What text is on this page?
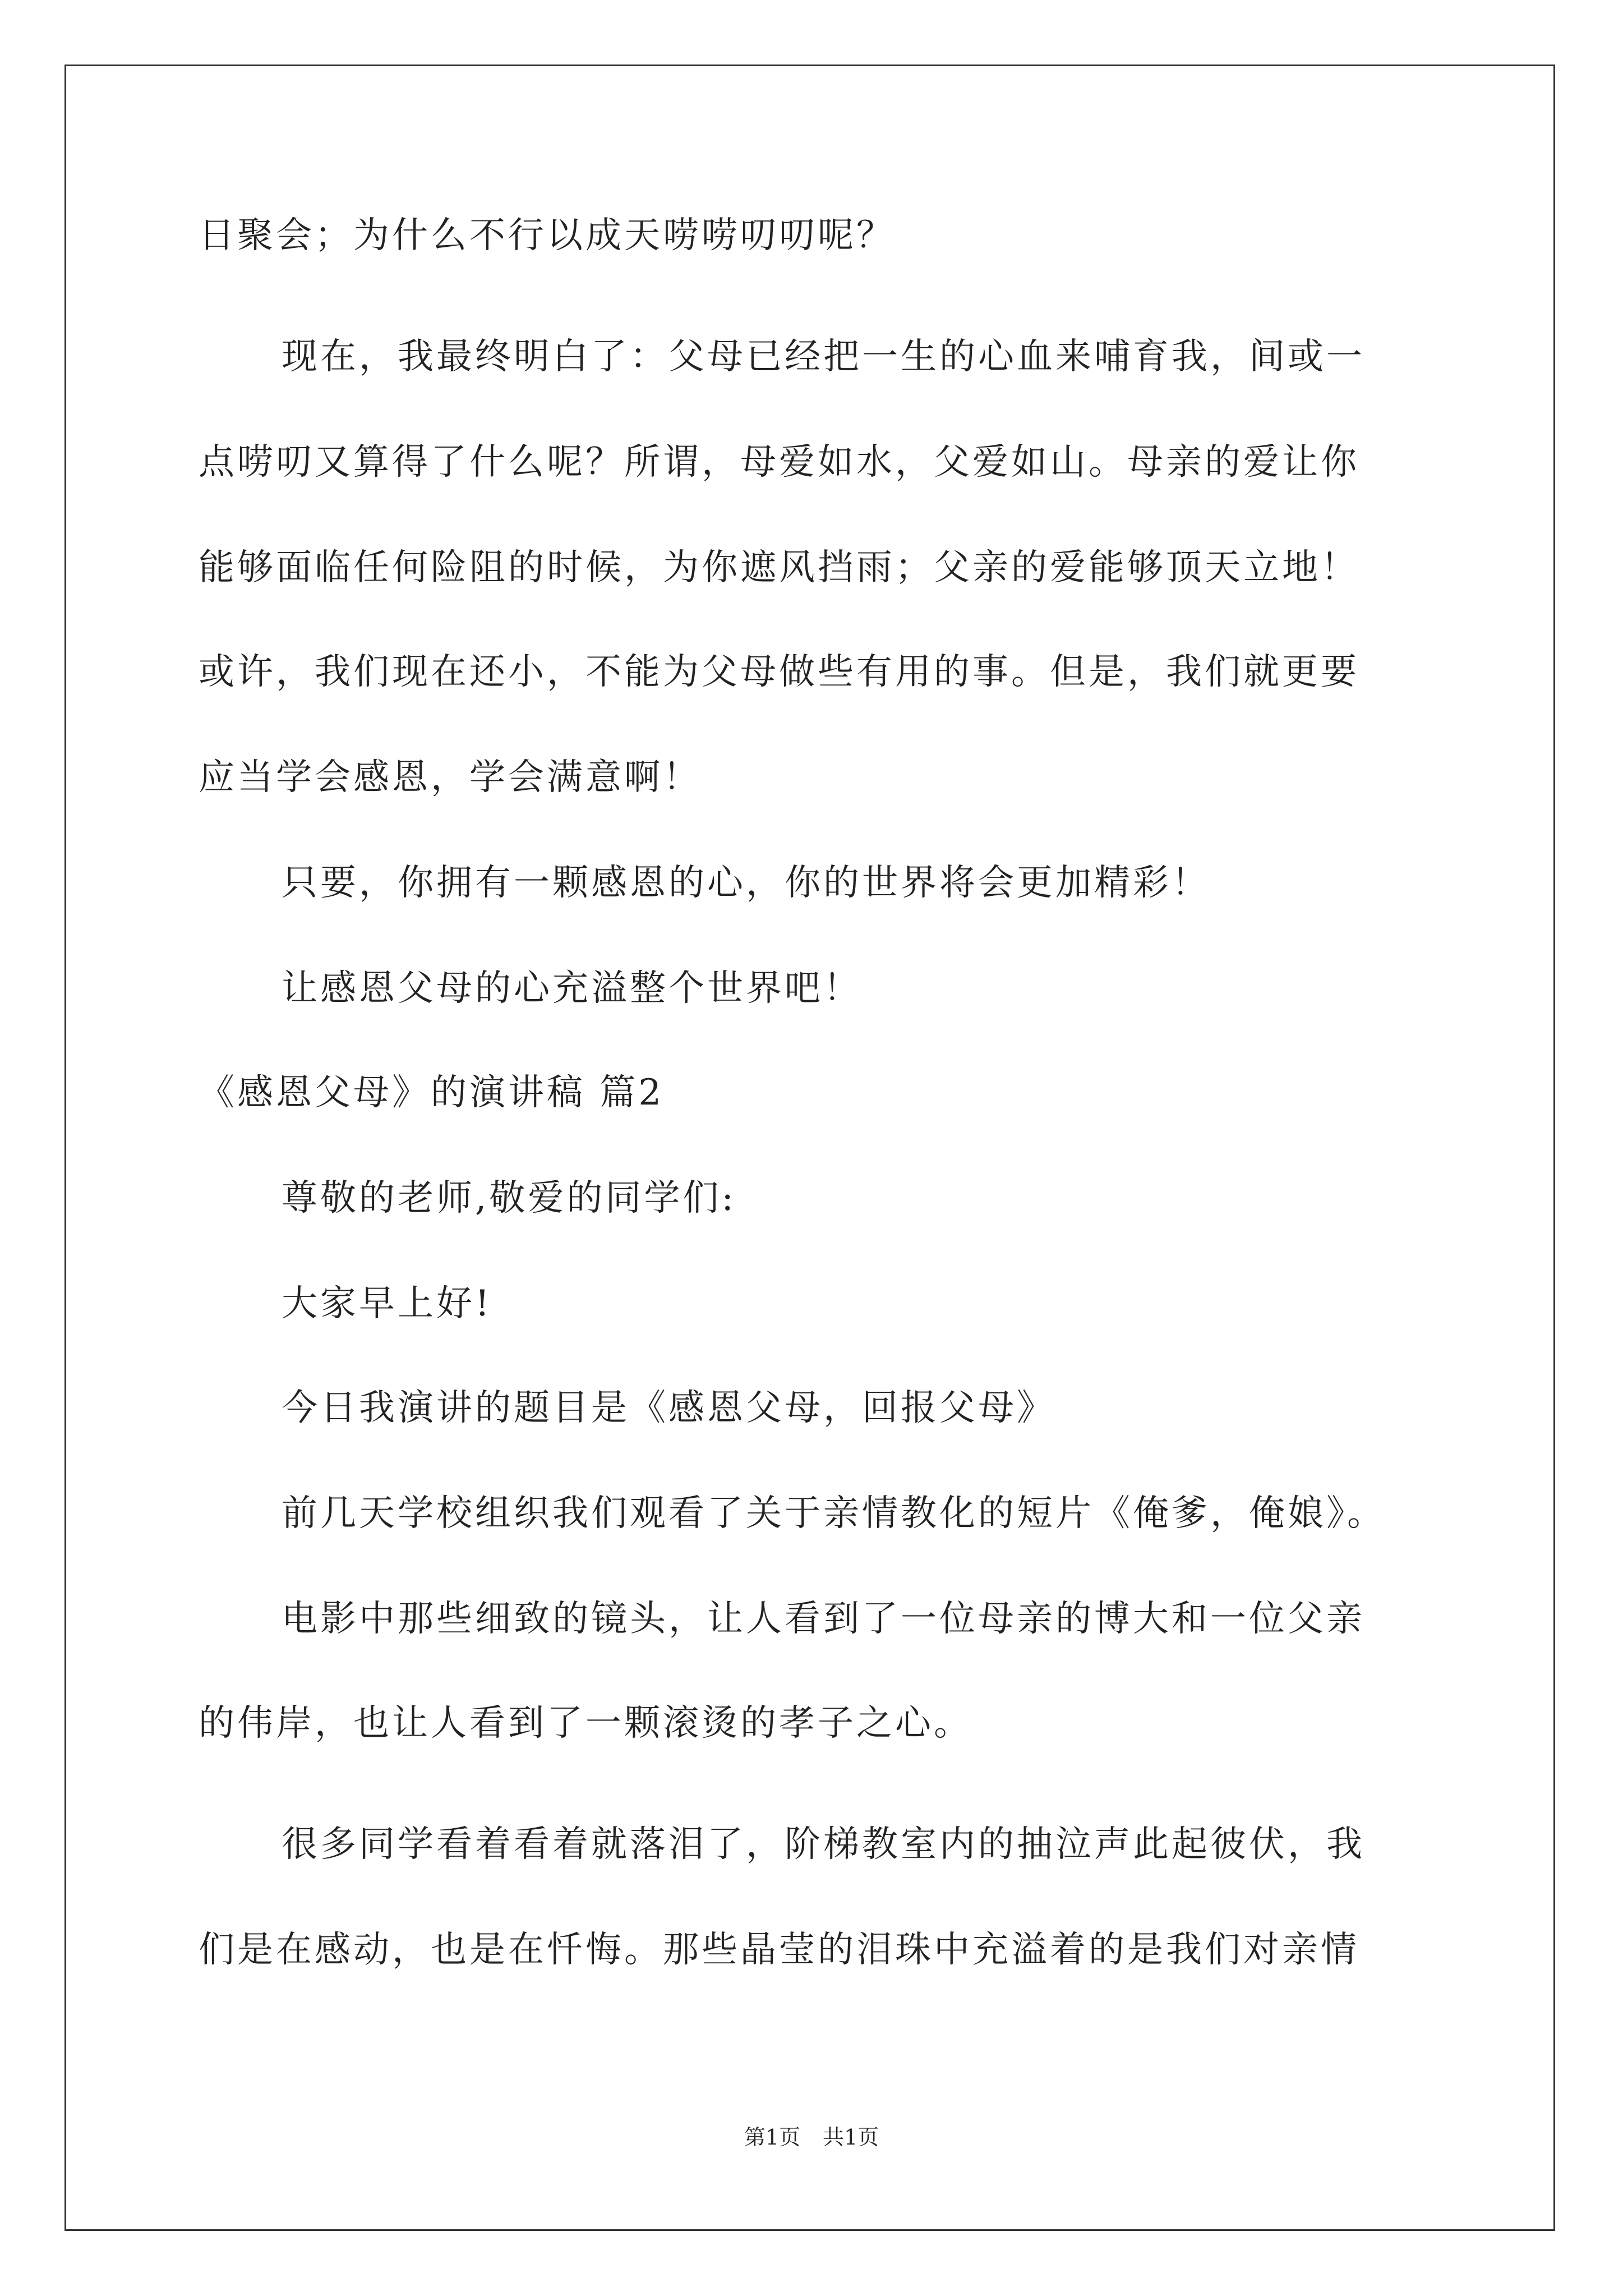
日聚会；为什么不行以成天唠唠叨叨呢？
现在，我最终明白了：父母已经把一生的心血来哺育我，间或一
点唠叨又算得了什么呢？所谓，母爱如水，父爱如山。母亲的爱让你
能够面临任何险阻的时候，为你遮风挡雨；父亲的爱能够顶天立地！
或许，我们现在还小，不能为父母做些有用的事。但是，我们就更要
应当学会感恩，学会满意啊！
只要，你拥有一颗感恩的心，你的世界将会更加精彩！
让感恩父母的心充溢整个世界吧！
《感恩父母》的演讲稿 篇2
尊敬的老师,敬爱的同学们:
大家早上好!
今日我演讲的题目是《感恩父母，回报父母》
前几天学校组织我们观看了关于亲情教化的短片《俺爹，俺娘》。
电影中那些细致的镜头，让人看到了一位母亲的博大和一位父亲
的伟岸，也让人看到了一颗滚烫的孝子之心。
很多同学看着看着就落泪了，阶梯教室内的抽泣声此起彼伏，我
们是在感动，也是在忏悔。那些晶莹的泪珠中充溢着的是我们对亲情
第1页 共1页
